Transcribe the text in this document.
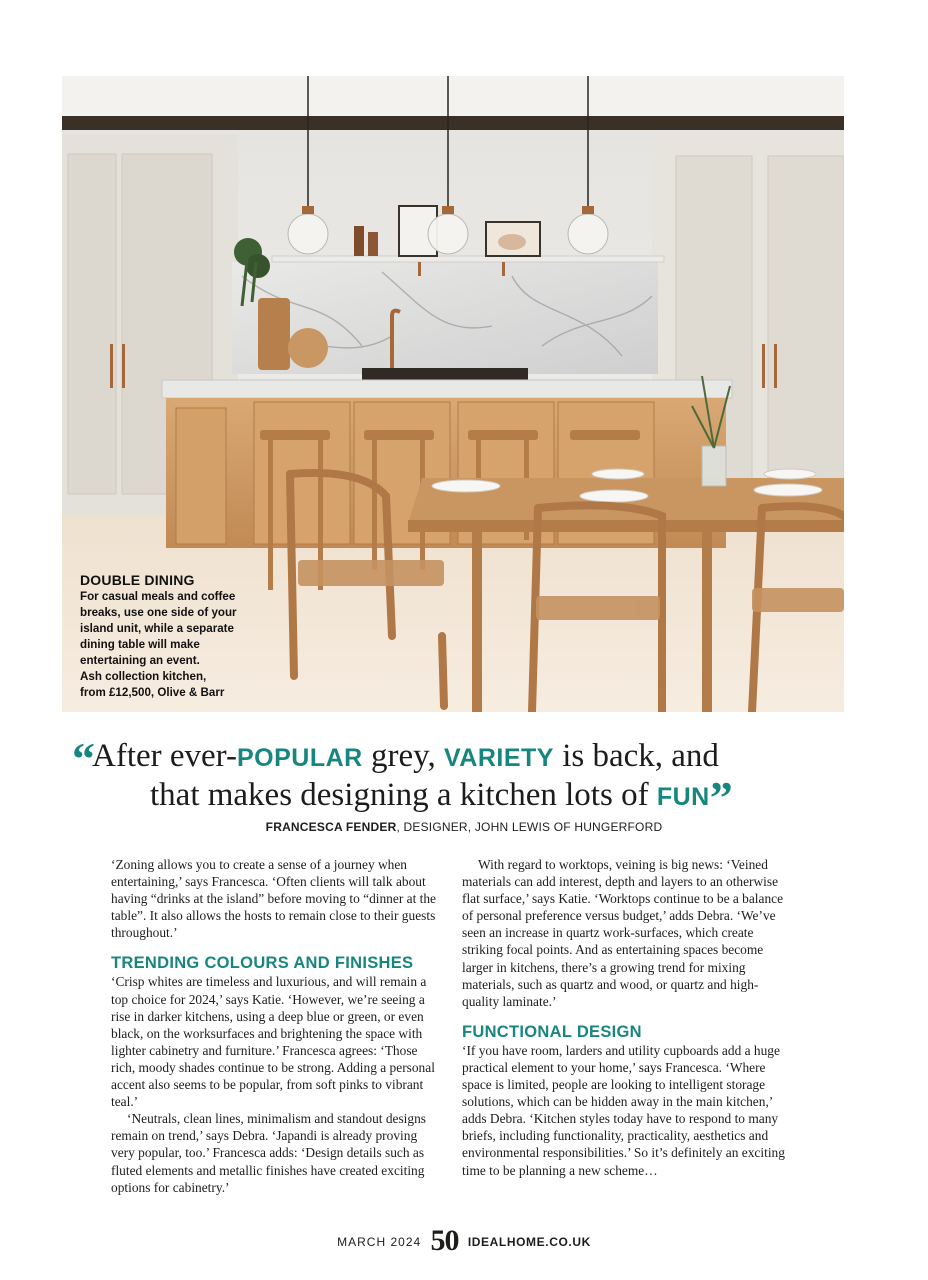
DOUBLE DINING

For casual meals and coffee
breaks, use one side of your
island unit, while a separate
dining table will make
entertaining an event.
Ash collection kitchen,
from £12,500, Olive & Barr

“After ever-POPULAR grey, VARIETY is back, and
that makes designing a kitchen lots of FUN”
FRANCESCA FENDER, DESIGNER, JOHN LEWIS OF HUNGERFORD

‘Zoning allows you to create a sense of a journey when entertaining,’ says Francesca. ‘Often clients will talk about having “drinks at the island” before moving to “dinner at the table”. It also allows the hosts to remain close to their guests throughout.’

TRENDING COLOURS AND FINISHES

‘Crisp whites are timeless and luxurious, and will remain a top choice for 2024,’ says Katie. ‘However, we’re seeing a rise in darker kitchens, using a deep blue or green, or even black, on the worksurfaces and brightening the space with lighter cabinetry and furniture.’ Francesca agrees: ‘Those rich, moody shades continue to be strong. Adding a personal accent also seems to be popular, from soft pinks to vibrant teal.’

‘Neutrals, clean lines, minimalism and standout designs remain on trend,’ says Debra. ‘Japandi is already proving very popular, too.’ Francesca adds: ‘Design details such as fluted elements and metallic finishes have created exciting options for cabinetry.’

With regard to worktops, veining is big news: ‘Veined materials can add interest, depth and layers to an otherwise flat surface,’ says Katie. ‘Worktops continue to be a balance of personal preference versus budget,’ adds Debra. ‘We’ve seen an increase in quartz work-surfaces, which create striking focal points. And as entertaining spaces become larger in kitchens, there’s a growing trend for mixing materials, such as quartz and wood, or quartz and high-quality laminate.’

FUNCTIONAL DESIGN

‘If you have room, larders and utility cupboards add a huge practical element to your home,’ says Francesca. ‘Where space is limited, people are looking to intelligent storage solutions, which can be hidden away in the main kitchen,’ adds Debra. ‘Kitchen styles today have to respond to many briefs, including functionality, practicality, aesthetics and environmental responsibilities.’ So it’s definitely an exciting time to be planning a new scheme…

MARCH 2024 50 IDEALHOME.CO.UK
